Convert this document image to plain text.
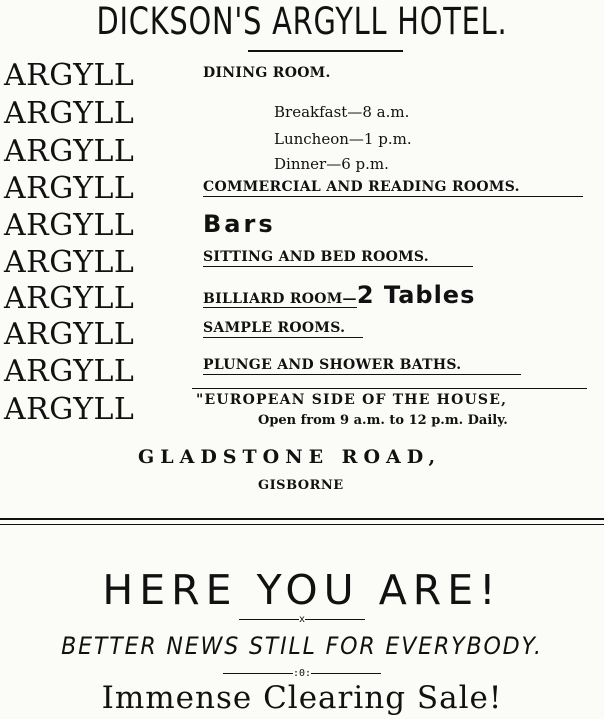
DICKSON'S ARGYLL HOTEL.
ARGYLL
ARGYLL
ARGYLL
ARGYLL
ARGYLL
ARGYLL
ARGYLL
ARGYLL
ARGYLL
ARGYLL
DINING ROOM.
Breakfast—8 a.m.
Luncheon—1 p.m.
Dinner—6 p.m.
COMMERCIAL AND READING ROOMS.
Bars
SITTING AND BED ROOMS.
BILLIARD ROOM—2 Tables
SAMPLE ROOMS.
PLUNGE AND SHOWER BATHS.
"EUROPEAN SIDE OF THE HOUSE,
Open from 9 a.m. to 12 p.m. Daily.
GLADSTONE ROAD,
GISBORNE
HERE YOU ARE!
x
BETTER NEWS STILL FOR EVERYBODY.
:0:
Immense Clearing Sale!
